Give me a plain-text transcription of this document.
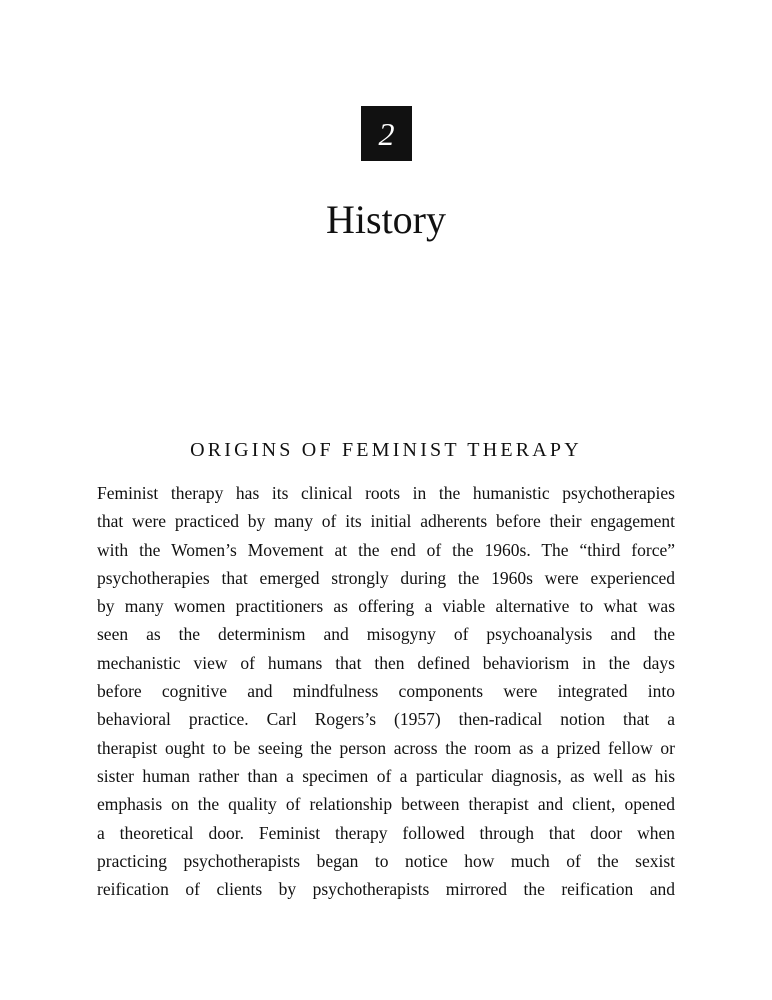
2
History
ORIGINS OF FEMINIST THERAPY
Feminist therapy has its clinical roots in the humanistic psychotherapies
that were practiced by many of its initial adherents before their engagement
with the Women’s Movement at the end of the 1960s. The “third force”
psychotherapies that emerged strongly during the 1960s were experienced
by many women practitioners as offering a viable alternative to what was
seen as the determinism and misogyny of psychoanalysis and the
mechanistic view of humans that then defined behaviorism in the days
before cognitive and mindfulness components were integrated into
behavioral practice. Carl Rogers’s (1957) then-radical notion that a
therapist ought to be seeing the person across the room as a prized fellow or
sister human rather than a specimen of a particular diagnosis, as well as his
emphasis on the quality of relationship between therapist and client, opened
a theoretical door. Feminist therapy followed through that door when
practicing psychotherapists began to notice how much of the sexist
reification of clients by psychotherapists mirrored the reification and
